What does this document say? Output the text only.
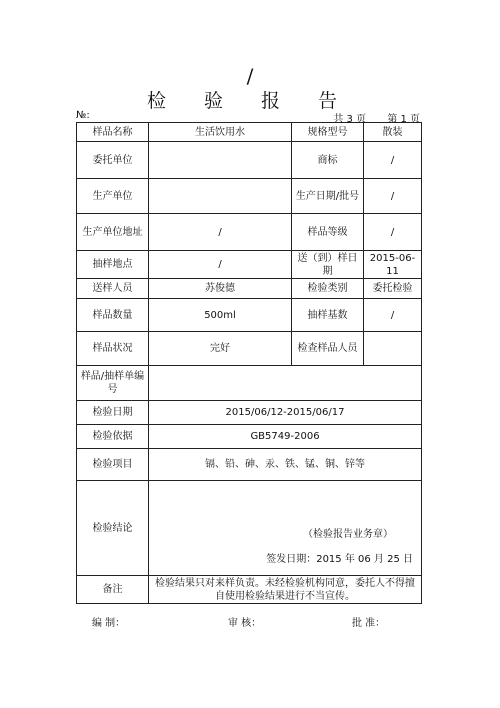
/
检 验 报 告
№:	共 3 页 第 1 页
样品名称	生活饮用水	规格型号	散装
委托单位		商标	/
生产单位		生产日期/批号	/
生产单位地址	/	样品等级	/
抽样地点	/	送（到）样日期	2015-06-11
送样人员	苏俊德	检验类别	委托检验
样品数量	500ml	抽样基数	/
样品状况	完好	检查样品人员	
样品/抽样单编号			
检验日期	2015/06/12-2015/06/17		
检验依据	GB5749-2006		
检验项目	镉、铅、砷、汞、铁、锰、铜、锌等		
检验结论	（检验报告业务章）
签发日期：2015 年 06 月 25 日		

备注	检验结果只对来样负责。未经检验机构同意，委托人不得擅自使用检验结果进行不当宣传。		
编 制：	审 核：	批 准：
